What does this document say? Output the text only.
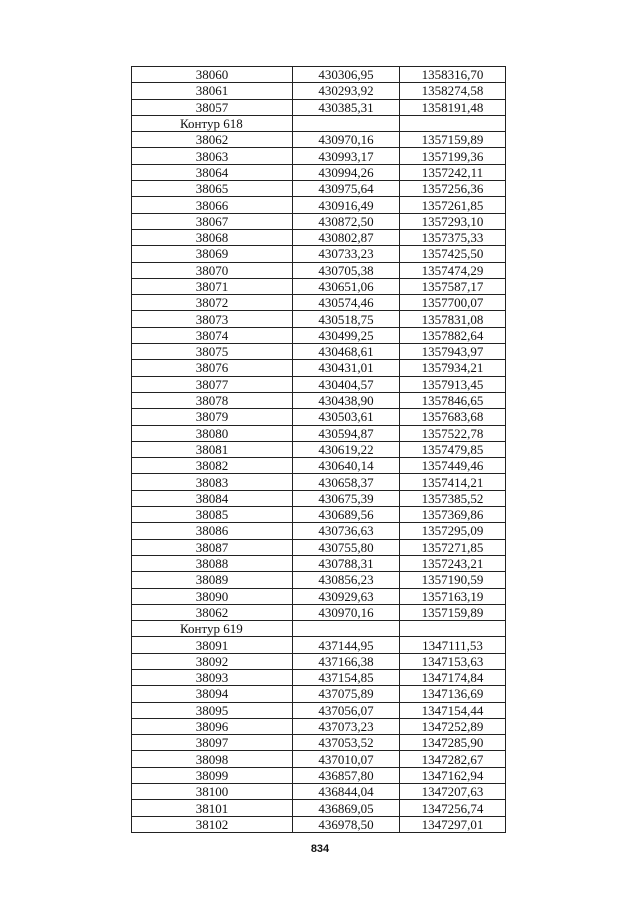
38060	430306,95	1358316,70
38061	430293,92	1358274,58
38057	430385,31	1358191,48
Контур 618		
38062	430970,16	1357159,89
38063	430993,17	1357199,36
38064	430994,26	1357242,11
38065	430975,64	1357256,36
38066	430916,49	1357261,85
38067	430872,50	1357293,10
38068	430802,87	1357375,33
38069	430733,23	1357425,50
38070	430705,38	1357474,29
38071	430651,06	1357587,17
38072	430574,46	1357700,07
38073	430518,75	1357831,08
38074	430499,25	1357882,64
38075	430468,61	1357943,97
38076	430431,01	1357934,21
38077	430404,57	1357913,45
38078	430438,90	1357846,65
38079	430503,61	1357683,68
38080	430594,87	1357522,78
38081	430619,22	1357479,85
38082	430640,14	1357449,46
38083	430658,37	1357414,21
38084	430675,39	1357385,52
38085	430689,56	1357369,86
38086	430736,63	1357295,09
38087	430755,80	1357271,85
38088	430788,31	1357243,21
38089	430856,23	1357190,59
38090	430929,63	1357163,19
38062	430970,16	1357159,89
Контур 619		
38091	437144,95	1347111,53
38092	437166,38	1347153,63
38093	437154,85	1347174,84
38094	437075,89	1347136,69
38095	437056,07	1347154,44
38096	437073,23	1347252,89
38097	437053,52	1347285,90
38098	437010,07	1347282,67
38099	436857,80	1347162,94
38100	436844,04	1347207,63
38101	436869,05	1347256,74
38102	436978,50	1347297,01
834
